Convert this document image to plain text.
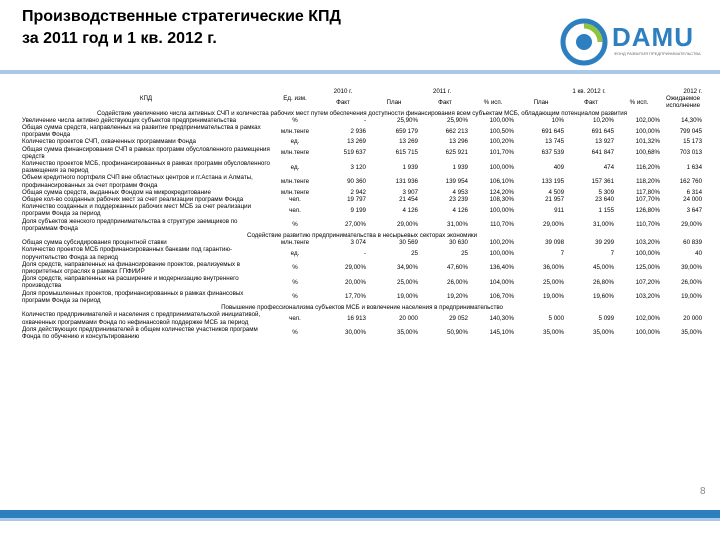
Производственные стратегические КПД
за 2011 год и 1 кв. 2012 г.	DAMU
ФОНД РАЗВИТИЯ ПРЕДПРИНИМАТЕЛЬСТВА
КПД	Ед. изм.	2010 г.	2011 г.			1 кв. 2012 г.			2012 г.
		Факт	План	Факт	% исп.	План	Факт	% исп.	Ожидаемое исполнение
Содействие увеличению числа активных СЧП и количества рабочих мест путем обеспечения доступности финансирования всем субъектам МСБ, обладающим потенциалом развития									
Увеличение числа активно действующих субъектов предпринимательства	%	-	25,90%	25,90%	100,00%	10%	10,20%	102,00%	14,30%
Общая сумма средств, направленных на развитие предпринимательства в рамках программ Фонда	млн.тенге	2 936	659 179	662 213	100,50%	691 645	691 645	100,00%	799 045
Количество проектов СЧП, охваченных программами Фонда	ед.	13 269	13 269	13 296	100,20%	13 745	13 927	101,32%	15 173
Общая сумма финансирования СЧП в рамках программ обусловленного размещения средств	млн.тенге	519 637	615 715	625 921	101,70%	637 539	641 847	100,68%	703 013
Количество проектов МСБ, профинансированных в рамках программ обусловленного размещения за период	ед.	3 120	1 939	1 939	100,00%	409	474	116,20%	1 634
Объем кредитного портфеля СЧП вне областных центров и гг.Астана и Алматы, профинансированных за счет программ Фонда	млн.тенге	90 360	131 936	139 954	106,10%	133 195	157 361	118,20%	162 760
Общая сумма средств, выданных Фондом на микрокредитование	млн.тенге	2 942	3 907	4 953	124,20%	4 509	5 309	117,80%	6 314
Общее кол-во созданных рабочих мест за счет реализации программ Фонда	чел.	19 797	21 454	23 239	108,30%	21 957	23 640	107,70%	24 000
Количество созданных и поддержанных рабочих мест МСБ за счет реализации программ Фонда за период	чел.	9 199	4 126	4 126	100,00%	911	1 155	126,80%	3 647
Доля субъектов женского предпринимательства в структуре заемщиков по программам Фонда	%	27,00%	29,00%	31,00%	110,70%	29,00%	31,00%	110,70%	29,00%
Содействие развитию предпринимательства в несырьевых секторах экономики									
Общая сумма субсидирования процентной ставки	млн.тенге	3 074	30 569	30 630	100,20%	39 098	39 299	103,20%	60 839
Количество проектов МСБ профинансированных банками под гарантию-поручительство Фонда за период	ед.	-	25	25	100,00%	7	7	100,00%	40
Доля средств, направленных на финансирование проектов, реализуемых в приоритетных отраслях в рамках ГПФИИР	%	29,00%	34,90%	47,60%	136,40%	36,00%	45,00%	125,00%	39,00%
Доля средств, направленных на расширение и модернизацию внутреннего производства	%	20,00%	25,00%	26,00%	104,00%	25,00%	26,80%	107,20%	26,00%
Доля промышленных проектов, профинансированных в рамках финансовых программ Фонда за период	%	17,70%	19,00%	19,20%	106,70%	19,00%	19,60%	103,20%	19,00%
Повышение профессионализма субъектов МСБ и вовлечение населения в предпринимательство									
Количество предпринимателей и населения с предпринимательской инициативой, охваченных программами Фонда по нефинансовой поддержке МСБ за период	чел.	16 913	20 000	29 052	140,30%	5 000	5 099	102,00%	20 000
Доля действующих предпринимателей в общем количестве участников программ Фонда по обучению и консультированию	%	30,00%	35,00%	50,90%	145,10%	35,00%	35,00%	100,00%	35,00%
8
